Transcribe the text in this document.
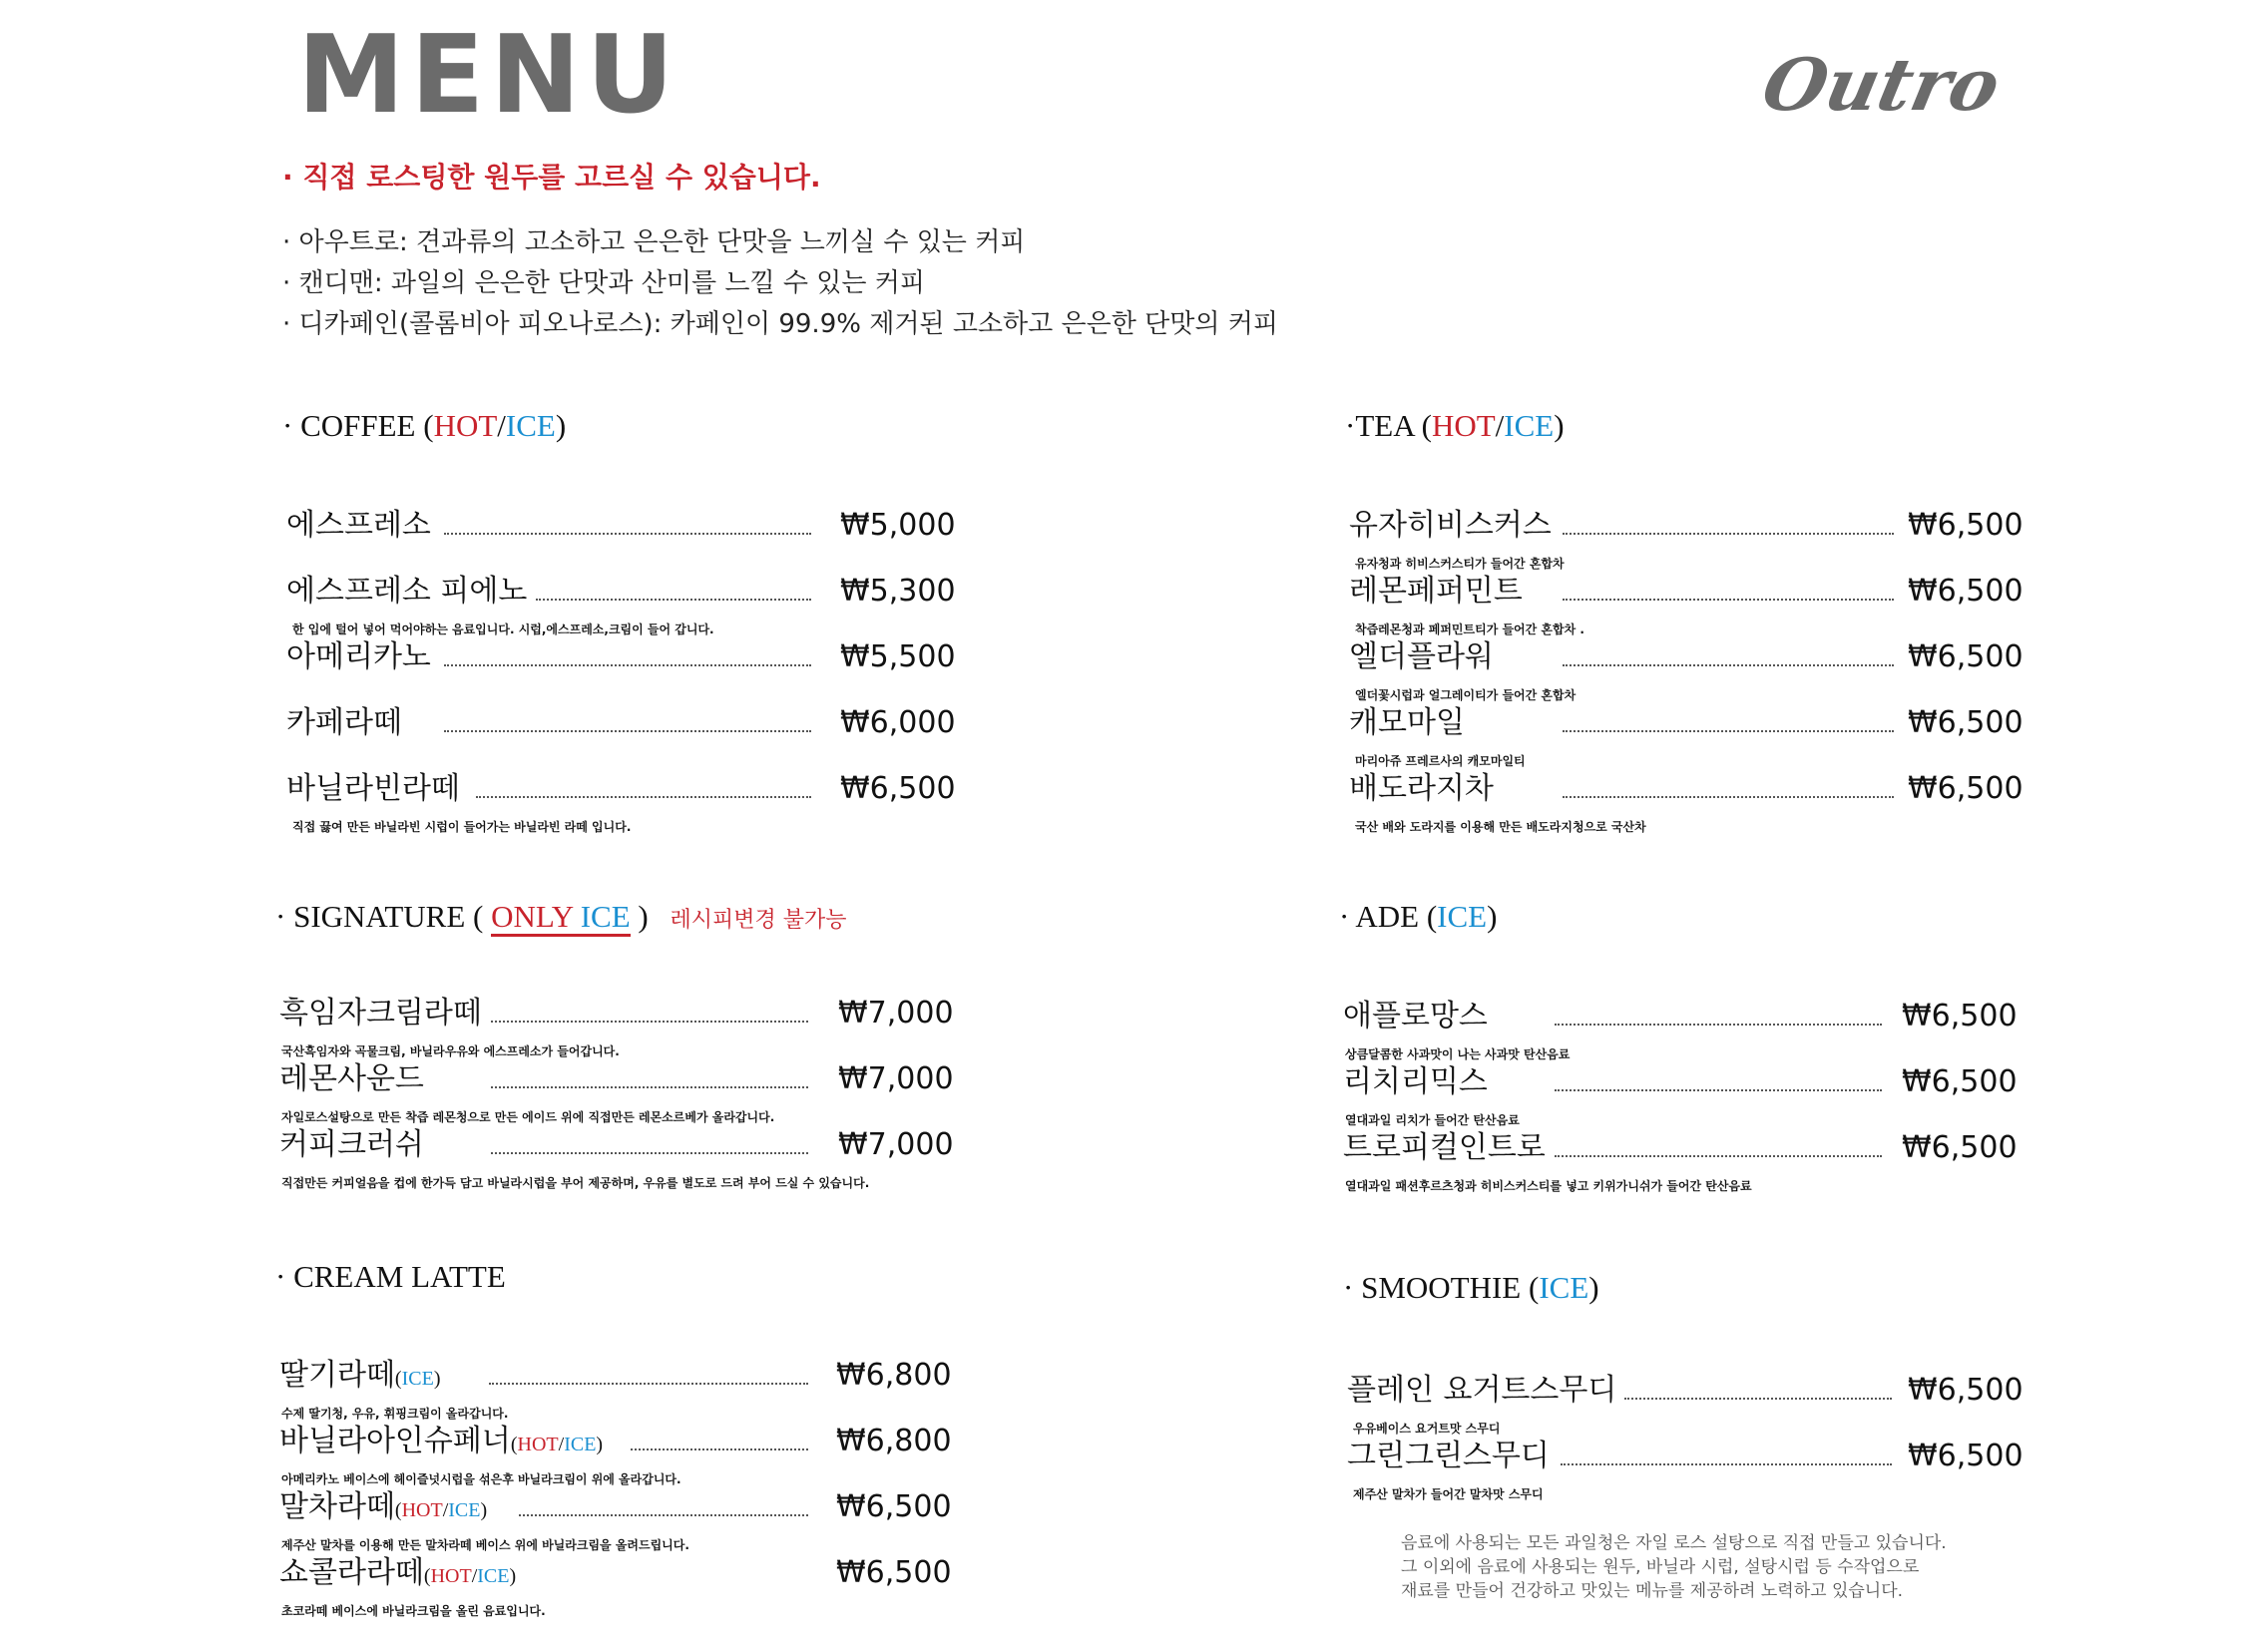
MENU	Outro
· 직접 로스팅한 원두를 고르실 수 있습니다.
· 아우트로: 견과류의 고소하고 은은한 단맛을 느끼실 수 있는 커피
· 캔디맨: 과일의 은은한 단맛과 산미를 느낄 수 있는 커피
· 디카페인(콜롬비아 피오나로스): 카페인이 99.9% 제거된 고소하고 은은한 단맛의 커피
· COFFEE (HOT/ICE)
에스프레소	₩5,000
에스프레소 피에노	₩5,300
한 입에 털어 넣어 먹어야하는 음료입니다. 시럽,에스프레소,크림이 들어 갑니다.
아메리카노	₩5,500
카페라떼	₩6,000
바닐라빈라떼	₩6,500
직접 끓여 만든 바닐라빈 시럽이 들어가는 바닐라빈 라떼 입니다.
·TEA (HOT/ICE)
유자히비스커스	₩6,500
유자청과 히비스커스티가 들어간 혼합차
레몬페퍼민트	₩6,500
착즙레몬청과 페퍼민트티가 들어간 혼합차 .
엘더플라워	₩6,500
엘더꽃시럽과 얼그레이티가 들어간 혼합차
캐모마일	₩6,500
마리아쥬 프레르사의 캐모마일티
배도라지차	₩6,500
국산 배와 도라지를 이용해 만든 배도라지청으로 국산차
· SIGNATURE ( ONLY ICE ) 레시피변경 불가능
흑임자크림라떼	₩7,000
국산흑임자와 곡물크림, 바닐라우유와 에스프레소가 들어갑니다.
레몬사운드	₩7,000
자일로스설탕으로 만든 착즙 레몬청으로 만든 에이드 위에 직접만든 레몬소르베가 올라갑니다.
커피크러쉬	₩7,000
직접만든 커피얼음을 컵에 한가득 담고 바닐라시럽을 부어 제공하며, 우유를 별도로 드려 부어 드실 수 있습니다.
· ADE (ICE)
애플로망스	₩6,500
상큼달콤한 사과맛이 나는 사과맛 탄산음료
리치리믹스	₩6,500
열대과일 리치가 들어간 탄산음료
트로피컬인트로	₩6,500
열대과일 패션후르츠청과 히비스커스티를 넣고 키위가니쉬가 들어간 탄산음료
· CREAM LATTE
딸기라떼(ICE)	₩6,800
수제 딸기청, 우유, 휘핑크림이 올라갑니다.
바닐라아인슈페너(HOT/ICE)	₩6,800
아메리카노 베이스에 헤이즐넛시럽을 섞은후 바닐라크림이 위에 올라갑니다.
말차라떼(HOT/ICE)	₩6,500
제주산 말차를 이용해 만든 말차라떼 베이스 위에 바닐라크림을 올려드립니다.
쇼콜라라떼(HOT/ICE)	₩6,500
초코라떼 베이스에 바닐라크림을 올린 음료입니다.
· SMOOTHIE (ICE)
플레인 요거트스무디	₩6,500
우유베이스 요거트맛 스무디
그린그린스무디	₩6,500
제주산 말차가 들어간 말차맛 스무디
음료에 사용되는 모든 과일청은 자일 로스 설탕으로 직접 만들고 있습니다.
그 이외에 음료에 사용되는 원두, 바닐라 시럽, 설탕시럽 등 수작업으로
재료를 만들어 건강하고 맛있는 메뉴를 제공하려 노력하고 있습니다.
